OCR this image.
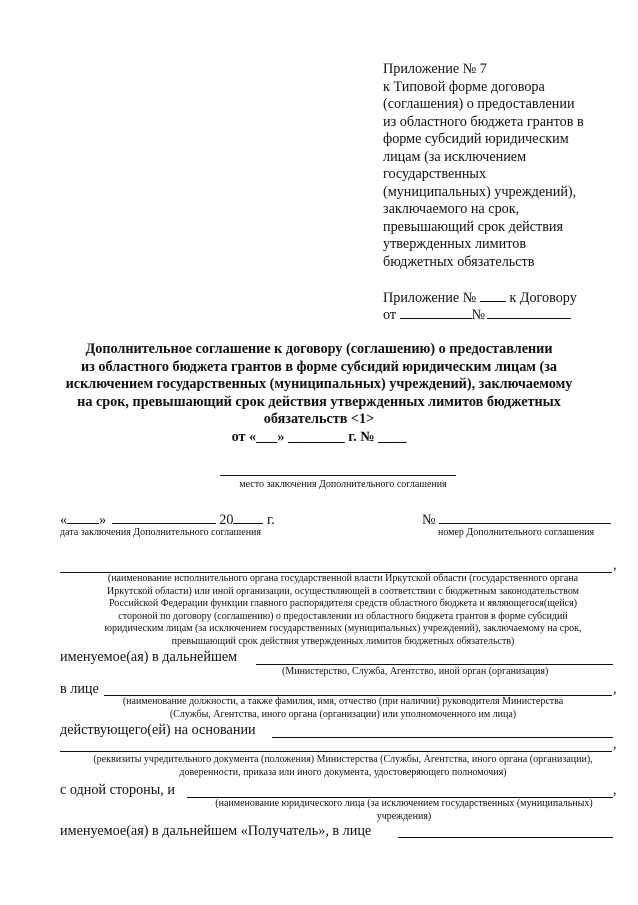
Приложение № 7
к Типовой форме договора
(соглашения) о предоставлении
из областного бюджета грантов в
форме субсидий юридическим
лицам (за исключением
государственных
(муниципальных) учреждений),
заключаемого на срок,
превышающий срок действия
утвержденных лимитов
бюджетных обязательств
Приложение № к Договору
от	№
Дополнительное соглашение к договору (соглашению) о предоставлении
из областного бюджета грантов в форме субсидий юридическим лицам (за
исключением государственных (муниципальных) учреждений), заключаемому
на срок, превышающий срок действия утвержденных лимитов бюджетных
обязательств <1>
от «___» ________ г. № ____
место заключения Дополнительного соглашения
« »	20 г.	№
дата заключения Дополнительного соглашения	номер Дополнительного соглашения
,
(наименование исполнительного органа государственной власти Иркутской области (государственного органа
Иркутской области) или иной организации, осуществляющей в соответствии с бюджетным законодательством
Российской Федерации функции главного распорядителя средств областного бюджета и являющегося(щейся)
стороной по договору (соглашению) о предоставлении из областного бюджета грантов в форме субсидий
юридическим лицам (за исключением государственных (муниципальных) учреждений), заключаемому на срок,
превышающий срок действия утвержденных лимитов бюджетных обязательств)
именуемое(ая) в дальнейшем
(Министерство, Служба, Агентство, иной орган (организация)
в лице	,
(наименование должности, а также фамилия, имя, отчество (при наличии) руководителя Министерства
(Службы, Агентства, иного органа (организации) или уполномоченного им лица)
действующего(ей) на основании
,
(реквизиты учредительного документа (положения) Министерства (Службы, Агентства, иного органа (организации),
доверенности, приказа или иного документа, удостоверяющего полномочия)
с одной стороны, и	,
(наименование юридического лица (за исключением государственных (муниципальных)
учреждения)
именуемое(ая) в дальнейшем «Получатель», в лице
